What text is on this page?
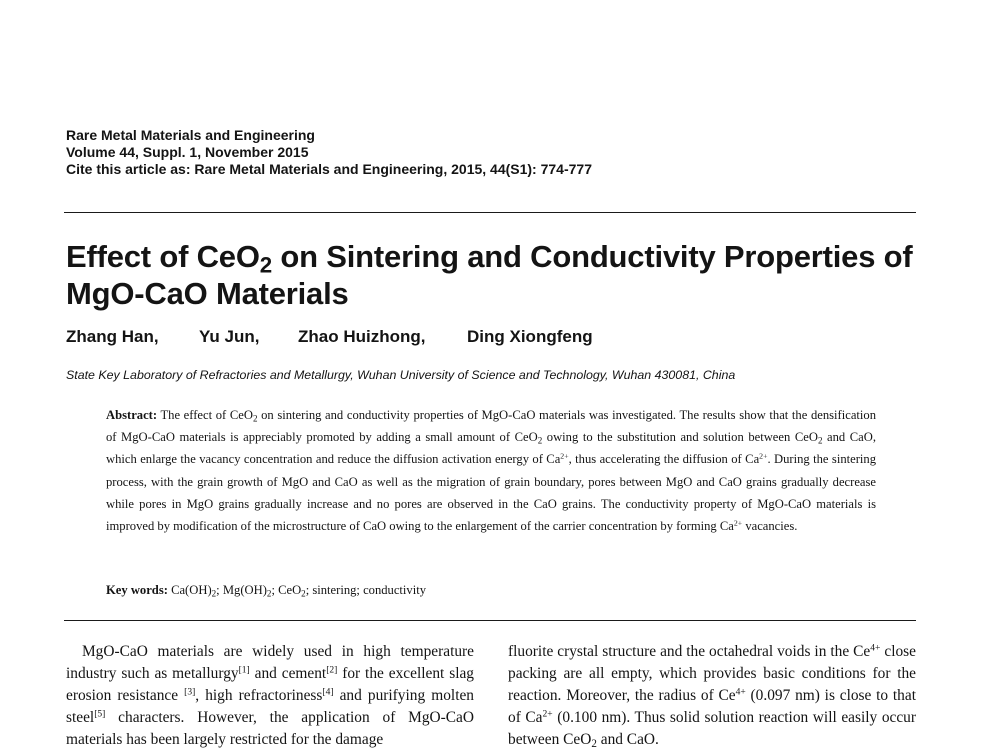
Rare Metal Materials and Engineering
Volume 44, Suppl. 1, November 2015
Cite this article as: Rare Metal Materials and Engineering, 2015, 44(S1): 774-777
Effect of CeO$_2$ on Sintering and Conductivity Properties of MgO-CaO Materials
Zhang Han, Yu Jun, Zhao Huizhong, Ding Xiongfeng
State Key Laboratory of Refractories and Metallurgy, Wuhan University of Science and Technology, Wuhan 430081, China

Abstract: The effect of CeO$_2$ on sintering and conductivity properties of MgO-CaO materials was investigated. The results show that the densification of MgO-CaO materials is appreciably promoted by adding a small amount of CeO$_2$ owing to the substitution and solution between CeO$_2$ and CaO, which enlarge the vacancy concentration and reduce the diffusion activation energy of $Ca^{2+}$, thus accelerating the diffusion of $Ca^{2+}$. During the sintering process, with the grain growth of MgO and CaO as well as the migration of grain boundary, pores between MgO and CaO grains gradually decrease while pores in MgO grains gradually increase and no pores are observed in the CaO grains. The conductivity property of MgO-CaO materials is improved by modification of the microstructure of CaO owing to the enlargement of the carrier concentration by forming $Ca^{2+}$ vacancies.

Key words: $Ca(OH)_2$; $Mg(OH)_2$; CeO$_2$; sintering; conductivity

MgO-CaO materials are widely used in high temperature industry such as metallurgy[1] and cement[2] for the excellent slag erosion resistance [3], high refractoriness[4] and purifying molten steel[5] characters. However, the application of MgO-CaO materials has been largely restricted for the damage

fluorite crystal structure and the octahedral voids in the $Ce^{4+}$ close packing are all empty, which provides basic conditions for the reaction. Moreover, the radius of $Ce^{4+}$ (0.097 nm) is close to that of $Ca^{2+}$ (0.100 nm). Thus solid solution reaction will easily occur between CeO$_2$ and CaO.
